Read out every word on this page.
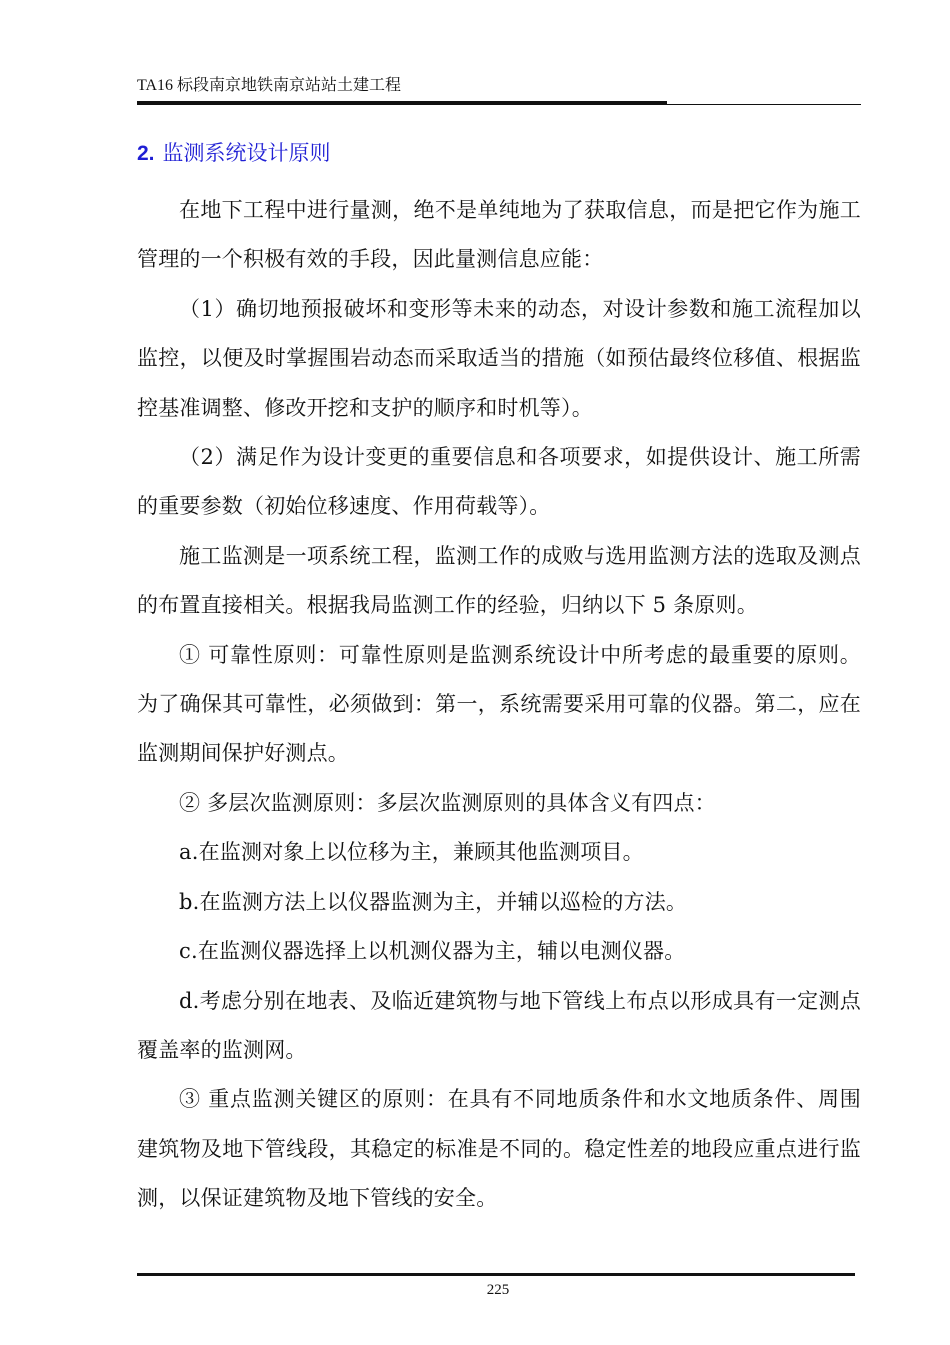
TA16 标段南京地铁南京站站土建工程
2. 监测系统设计原则

在地下工程中进行量测，绝不是单纯地为了获取信息，而是把它作为施工管理的一个积极有效的手段，因此量测信息应能：

（1）确切地预报破坏和变形等未来的动态，对设计参数和施工流程加以监控，以便及时掌握围岩动态而采取适当的措施（如预估最终位移值、根据监控基准调整、修改开挖和支护的顺序和时机等）。

（2）满足作为设计变更的重要信息和各项要求，如提供设计、施工所需的重要参数（初始位移速度、作用荷载等）。

施工监测是一项系统工程，监测工作的成败与选用监测方法的选取及测点的布置直接相关。根据我局监测工作的经验，归纳以下 5 条原则。

① 可靠性原则：可靠性原则是监测系统设计中所考虑的最重要的原则。为了确保其可靠性，必须做到：第一，系统需要采用可靠的仪器。第二，应在监测期间保护好测点。

② 多层次监测原则：多层次监测原则的具体含义有四点：

a.在监测对象上以位移为主，兼顾其他监测项目。

b.在监测方法上以仪器监测为主，并辅以巡检的方法。

c.在监测仪器选择上以机测仪器为主，辅以电测仪器。

d.考虑分别在地表、及临近建筑物与地下管线上布点以形成具有一定测点覆盖率的监测网。

③ 重点监测关键区的原则：在具有不同地质条件和水文地质条件、周围建筑物及地下管线段，其稳定的标准是不同的。稳定性差的地段应重点进行监测，以保证建筑物及地下管线的安全。

225
